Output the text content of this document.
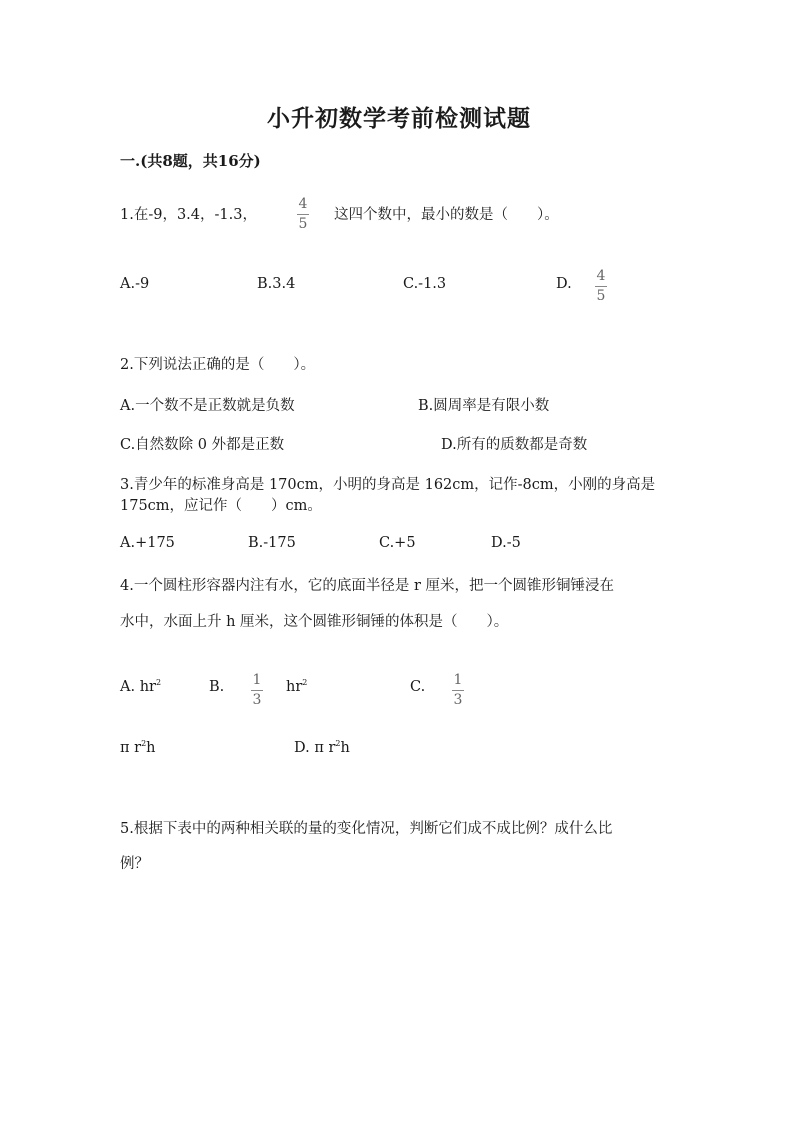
小升初数学考前检测试题
一.(共8题，共16分)
1.在-9，3.4，-1.3，
4
5
这四个数中，最小的数是（　　）。
A.-9	B.3.4	C.-1.3	D. 4
5
2.下列说法正确的是（　　）。
A.一个数不是正数就是负数	B.圆周率是有限小数
C.自然数除 0 外都是正数	D.所有的质数都是奇数
3.青少年的标准身高是 170cm，小明的身高是 162cm，记作-8cm，小刚的身高是
175cm，应记作（　　）cm。
A.+175	B.-175	C.+5	D.-5
4.一个圆柱形容器内注有水，它的底面半径是 r 厘米，把一个圆锥形铜锤浸在
水中，水面上升 h 厘米，这个圆锥形铜锤的体积是（　　）。
A. $hr^2$	B. 1
3
$hr^2$	C. 1
3
π $r^2h$	D. π $r^2h$
5.根据下表中的两种相关联的量的变化情况，判断它们成不成比例？成什么比
例？
